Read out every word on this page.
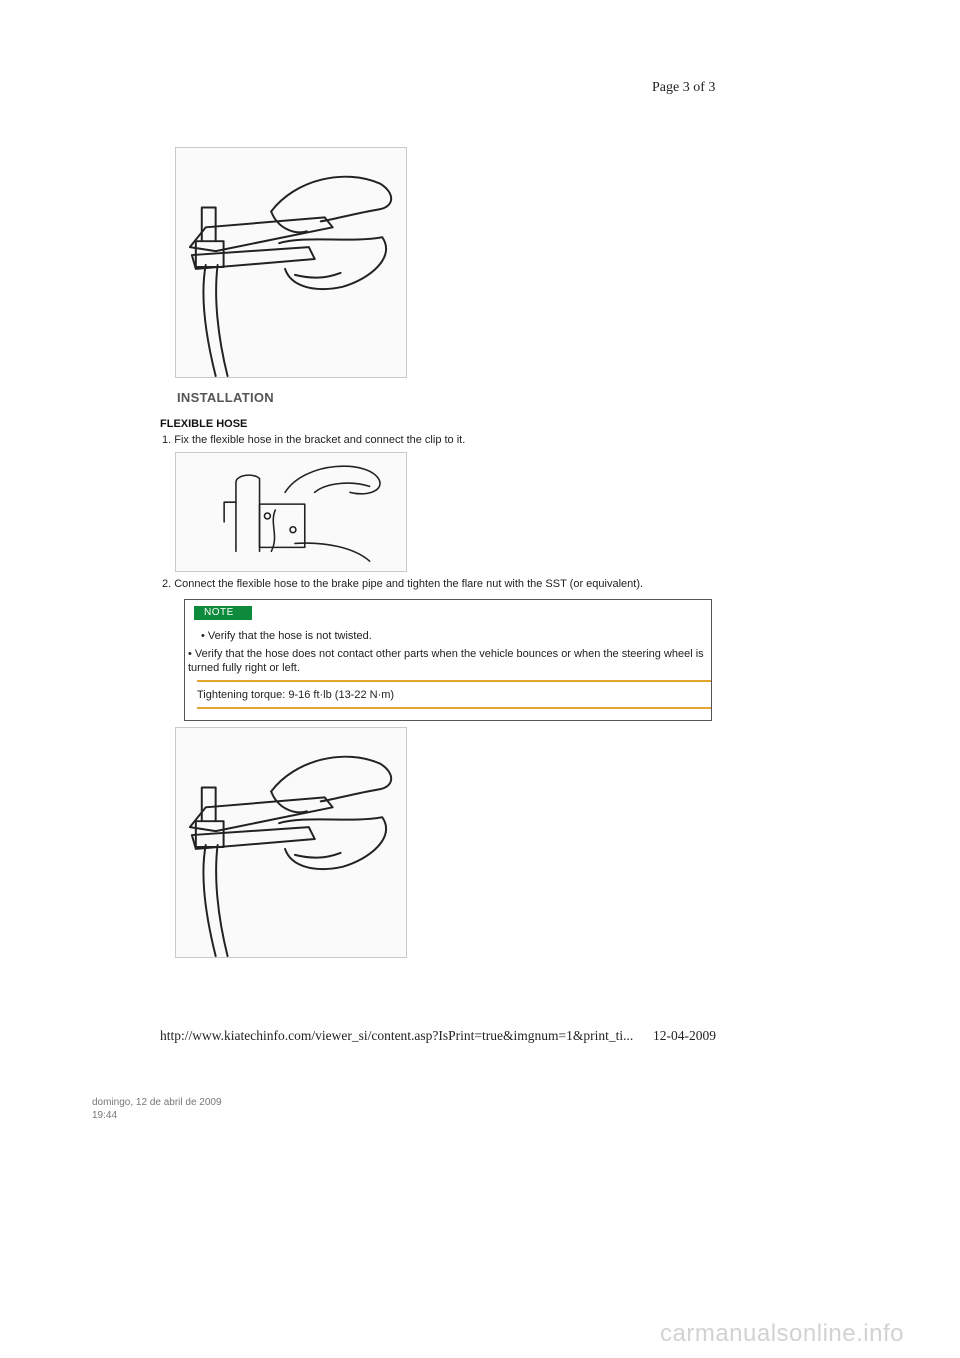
Page 3 of 3
INSTALLATION
FLEXIBLE HOSE
1. Fix the flexible hose in the bracket and connect the clip to it.
2. Connect the flexible hose to the brake pipe and tighten the flare nut with the SST (or equivalent).
NOTE
• Verify that the hose is not twisted.
• Verify that the hose does not contact other parts when the vehicle bounces or when the steering wheel is turned fully right or left.
Tightening torque: 9-16 ft·lb (13-22 N·m)
http://www.kiatechinfo.com/viewer_si/content.asp?IsPrint=true&imgnum=1&print_ti... 12-04-2009
domingo, 12 de abril de 2009
19:44
carmanualsonline.info
